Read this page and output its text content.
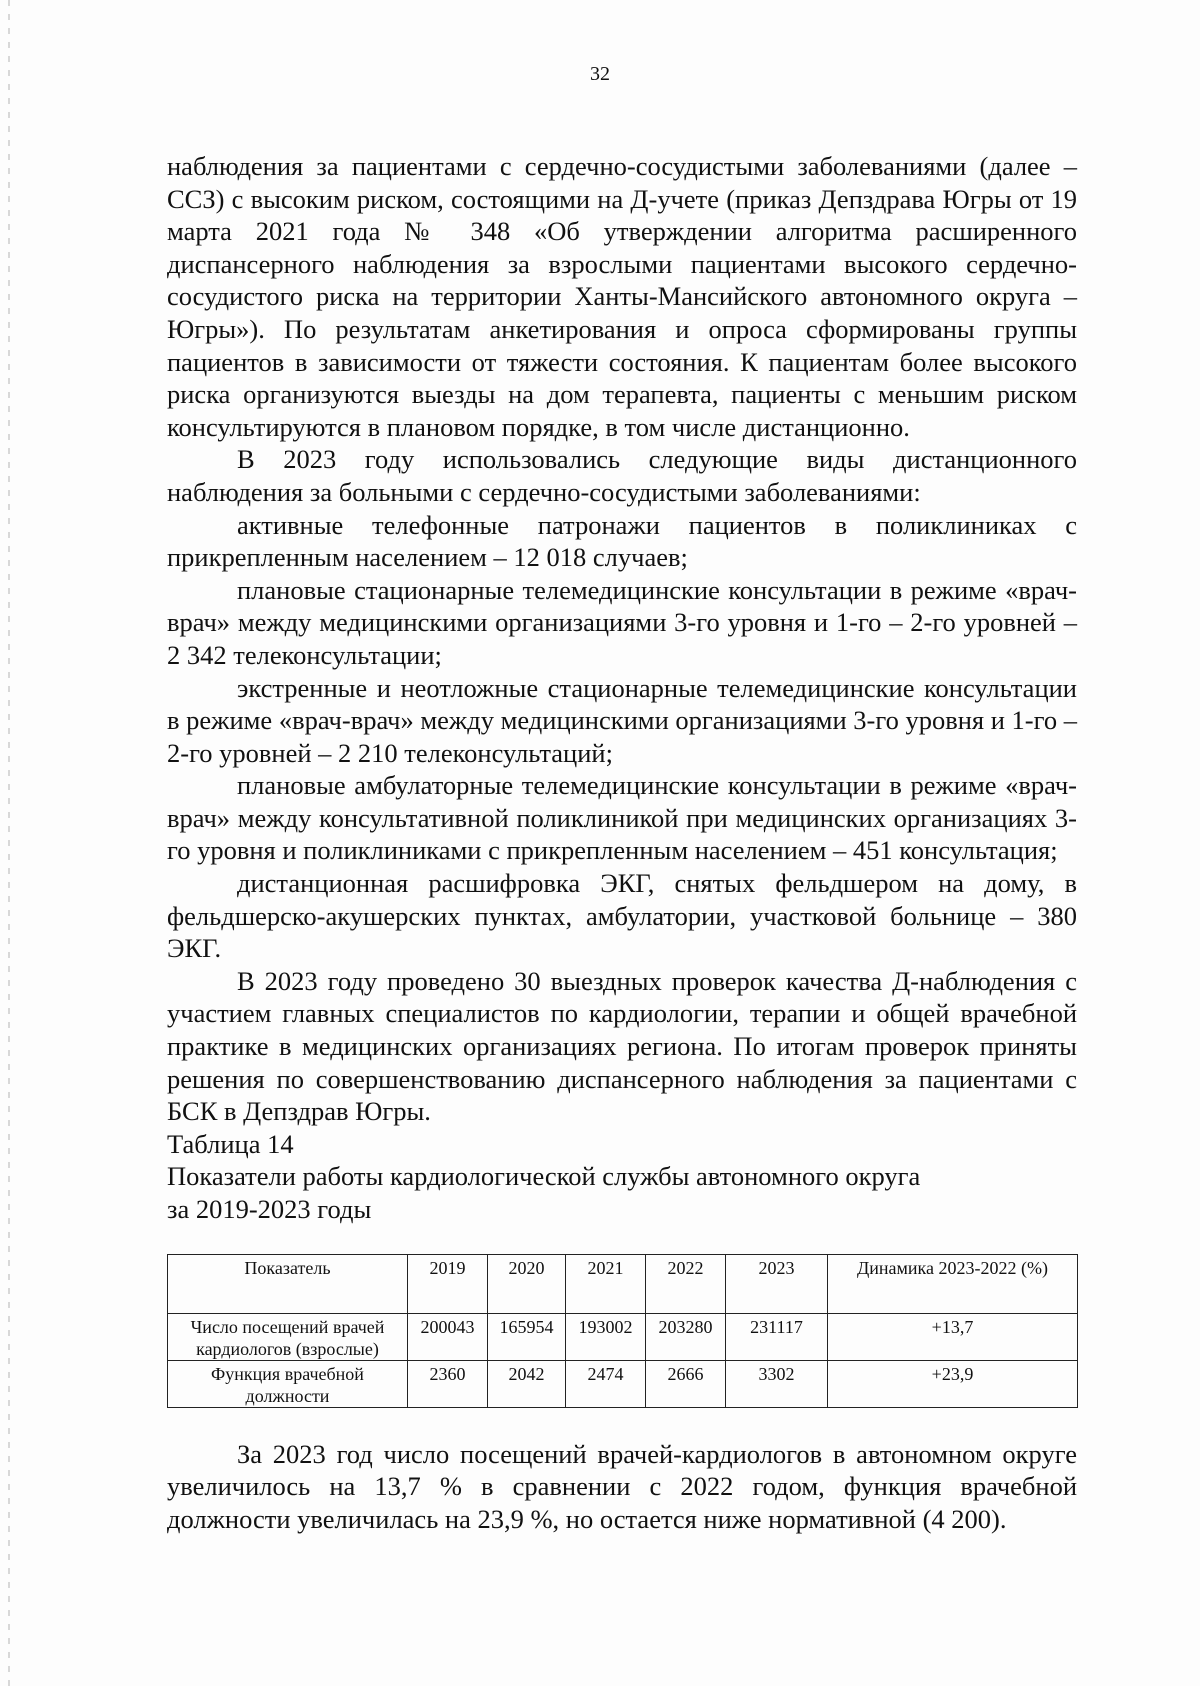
32

наблюдения за пациентами с сердечно-сосудистыми заболеваниями (далее – ССЗ) с высоким риском, состоящими на Д-учете (приказ Депздрава Югры от 19 марта 2021 года № 348 «Об утверждении алгоритма расширенного диспансерного наблюдения за взрослыми пациентами высокого сердечно-сосудистого риска на территории Ханты-Мансийского автономного округа – Югры»). По результатам анкетирования и опроса сформированы группы пациентов в зависимости от тяжести состояния. К пациентам более высокого риска организуются выезды на дом терапевта, пациенты с меньшим риском консультируются в плановом порядке, в том числе дистанционно.

В 2023 году использовались следующие виды дистанционного наблюдения за больными с сердечно-сосудистыми заболеваниями:

активные телефонные патронажи пациентов в поликлиниках с прикрепленным населением – 12 018 случаев;

плановые стационарные телемедицинские консультации в режиме «врач-врач» между медицинскими организациями 3-го уровня и 1-го – 2-го уровней – 2 342 телеконсультации;

экстренные и неотложные стационарные телемедицинские консультации в режиме «врач-врач» между медицинскими организациями 3-го уровня и 1-го – 2-го уровней – 2 210 телеконсультаций;

плановые амбулаторные телемедицинские консультации в режиме «врач-врач» между консультативной поликлиникой при медицинских организациях 3-го уровня и поликлиниками с прикрепленным населением – 451 консультация;

дистанционная расшифровка ЭКГ, снятых фельдшером на дому, в фельдшерско-акушерских пунктах, амбулатории, участковой больнице – 380 ЭКГ.

В 2023 году проведено 30 выездных проверок качества Д-наблюдения с участием главных специалистов по кардиологии, терапии и общей врачебной практике в медицинских организациях региона. По итогам проверок приняты решения по совершенствованию диспансерного наблюдения за пациентами с БСК в Депздрав Югры.

Таблица 14

Показатели работы кардиологической службы автономного округа

за 2019-2023 годы

Показатель	2019	2020	2021	2022	2023	Динамика 2023-2022 (%)
Число посещений врачей кардиологов (взрослые)	200043	165954	193002	203280	231117	+13,7
Функция врачебной должности	2360	2042	2474	2666	3302	+23,9

За 2023 год число посещений врачей-кардиологов в автономном округе увеличилось на 13,7 % в сравнении с 2022 годом, функция врачебной должности увеличилась на 23,9 %, но остается ниже нормативной (4 200).
